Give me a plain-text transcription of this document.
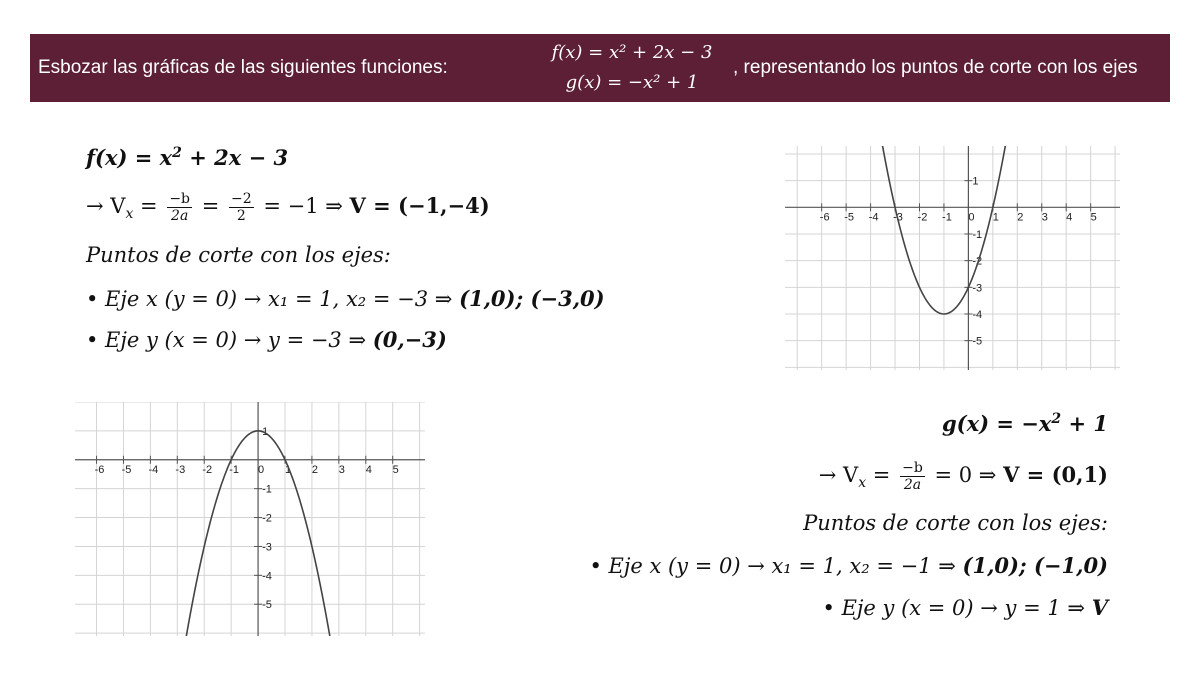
Esbozar las gráficas de las siguientes funciones:
f(x) = x² + 2x − 3
g(x) = −x² + 1
, representando los puntos de corte con los ejes
$f(x) = x^2 + 2x - 3$
→ $V_x = \frac{-b}{2a} = \frac{-2}{2} = -1$ ⇒ V = (−1,−4)
Puntos de corte con los ejes:
• Eje x (y = 0) → x₁ = 1, x₂ = −3 ⇒ (1,0); (−3,0)
• Eje y (x = 0) → y = −3 ⇒ (0,−3)
-6 -5 -4 -3 -2 -1 0 1 2 3 4 5
1
-1
-2
-3
-4
-5
-6 -5 -4 -3 -2 -1 0 1 2 3 4 5
1
-1
-2
-3
-4
-5
$g(x) = -x^2 + 1$
→ $V_x = \frac{-b}{2a} = 0$ ⇒ V = (0,1)
Puntos de corte con los ejes:
• Eje x (y = 0) → x₁ = 1, x₂ = −1 ⇒ (1,0); (−1,0)
• Eje y (x = 0) → y = 1 ⇒ V
